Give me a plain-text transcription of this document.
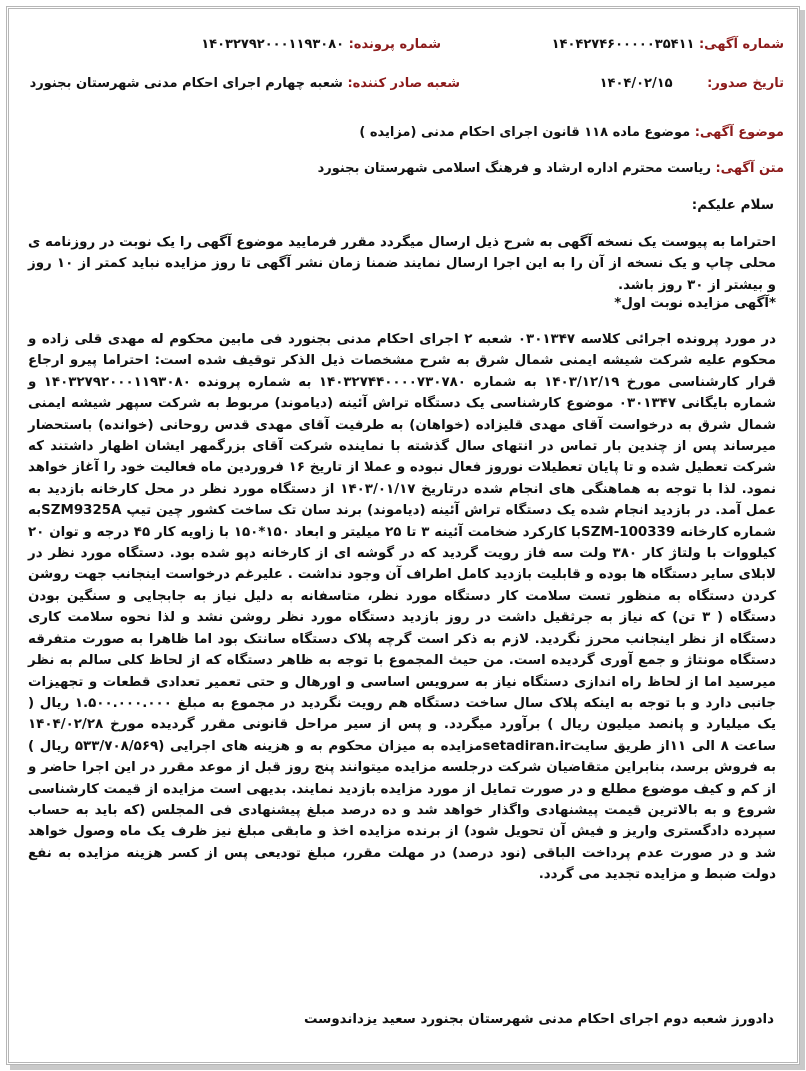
شماره آگهی: ۱۴۰۴۲۷۴۶۰۰۰۰۰۳۵۴۱۱
شماره پرونده: ۱۴۰۳۲۷۹۲۰۰۰۱۱۹۳۰۸۰
تاریخ صدور: ۱۴۰۴/۰۲/۱۵
شعبه صادر کننده: شعبه چهارم اجرای احکام مدنی شهرستان بجنورد
موضوع آگهی: موضوع ماده ۱۱۸ قانون اجرای احکام مدنی (مزایده )
متن آگهی: ریاست محترم اداره ارشاد و فرهنگ اسلامی شهرستان بجنورد
سلام علیکم:
احتراما به پیوست یک نسخه آگهی به شرح ذیل ارسال میگردد مقرر فرمایید موضوع آگهی را یک نوبت در روزنامه ی محلی چاپ و یک نسخه از آن را به این اجرا ارسال نمایند ضمنا زمان نشر آگهی تا روز مزایده نباید کمتر از ۱۰ روز و بیشتر از ۳۰ روز باشد.
*آگهی مزایده نوبت اول*
در مورد پرونده اجرائی کلاسه ۰۳۰۱۳۴۷ شعبه ۲ اجرای احکام مدنی بجنورد فی مابین محکوم له مهدی قلی زاده و محکوم علیه شرکت شیشه ایمنی شمال شرق به شرح مشخصات ذیل الذکر توقیف شده است: احتراما پیرو ارجاع قرار کارشناسی مورخ ۱۴۰۳/۱۲/۱۹ به شماره ۱۴۰۳۲۷۴۴۰۰۰۰۷۳۰۷۸۰ به شماره پرونده ۱۴۰۳۲۷۹۲۰۰۰۱۱۹۳۰۸۰ و شماره بایگانی ۰۳۰۱۳۴۷ موضوع کارشناسی یک دستگاه تراش آئینه (دیاموند) مربوط به شرکت سپهر شیشه ایمنی شمال شرق به درخواست آقای مهدی قلیزاده (خواهان) به طرفیت آقای مهدی قدس روحانی (خوانده) باستحضار میرساند پس از چندین بار تماس در انتهای سال گذشته با نماینده شرکت آقای بزرگمهر ایشان اظهار داشتند که شرکت تعطیل شده و تا پایان تعطیلات نوروز فعال نبوده و عملا از تاریخ ۱۶ فروردین ماه فعالیت خود را آغاز خواهد نمود. لذا با توجه به هماهنگی های انجام شده درتاریخ ۱۴۰۳/۰۱/۱۷ از دستگاه مورد نظر در محل کارخانه بازدید به عمل آمد. در بازدید انجام شده یک دستگاه تراش آئینه (دیاموند) برند سان تک ساخت کشور چین تیپ SZM9325Aبه شماره کارخانه SZM-100339با کارکرد ضخامت آئینه ۳ تا ۲۵ میلیتر و ابعاد ۱۵۰*۱۵۰ با زاویه کار ۴۵ درجه و توان ۲۰ کیلووات با ولتاژ کار ۳۸۰ ولت سه فاز رویت گردید که در گوشه ای از کارخانه دپو شده بود. دستگاه مورد نظر در لابلای سایر دستگاه ها بوده و قابلیت بازدید کامل اطراف آن وجود نداشت . علیرغم درخواست اینجانب جهت روشن کردن دستگاه به منظور تست سلامت کار دستگاه مورد نظر، متاسفانه به دلیل نیاز به جابجایی و سنگین بودن دستگاه ( ۳ تن) که نیاز به جرثقیل داشت در روز بازدید دستگاه مورد نظر روشن نشد و لذا نحوه سلامت کاری دستگاه از نظر اینجانب محرز نگردید. لازم به ذکر است گرچه پلاک دستگاه سانتک بود اما ظاهرا به صورت متفرقه دستگاه مونتاژ و جمع آوری گردیده است. من حیث المجموع با توجه به ظاهر دستگاه که از لحاظ کلی سالم به نظر میرسید اما از لحاظ راه اندازی دستگاه نیاز به سرویس اساسی و اورهال و حتی تعمیر تعدادی قطعات و تجهیزات جانبی دارد و با توجه به اینکه پلاک سال ساخت دستگاه هم رویت نگردید در مجموع به مبلغ ۱.۵۰۰.۰۰۰.۰۰۰ ریال ( یک میلیارد و پانصد میلیون ریال ) برآورد میگردد. و پس از سیر مراحل قانونی مقرر گردیده مورخ ۱۴۰۴/۰۲/۲۸ ساعت ۸ الی ۱۱از طریق سایتsetadiran.irمزایده به میزان محکوم به و هزینه های اجرایی (۵۳۳/۷۰۸/۵۶۹ ریال ) به فروش برسد، بنابراین متقاضیان شرکت درجلسه مزایده میتوانند پنج روز قبل از موعد مقرر در این اجرا حاضر و از کم و کیف موضوع مطلع و در صورت تمایل از مورد مزایده بازدید نمایند. بدیهی است مزایده از قیمت کارشناسی شروع و به بالاترین قیمت پیشنهادی واگذار خواهد شد و ده درصد مبلغ پیشنهادی فی المجلس (که باید به حساب سپرده دادگستری واریز و فیش آن تحویل شود) از برنده مزایده اخذ و مابقی مبلغ نیز ظرف یک ماه وصول خواهد شد و در صورت عدم پرداخت الباقی (نود درصد) در مهلت مقرر، مبلغ تودیعی پس از کسر هزینه مزایده به نفع دولت ضبط و مزایده تجدید می گردد.
دادورز شعبه دوم اجرای احکام مدنی شهرستان بجنورد سعید یزداندوست
